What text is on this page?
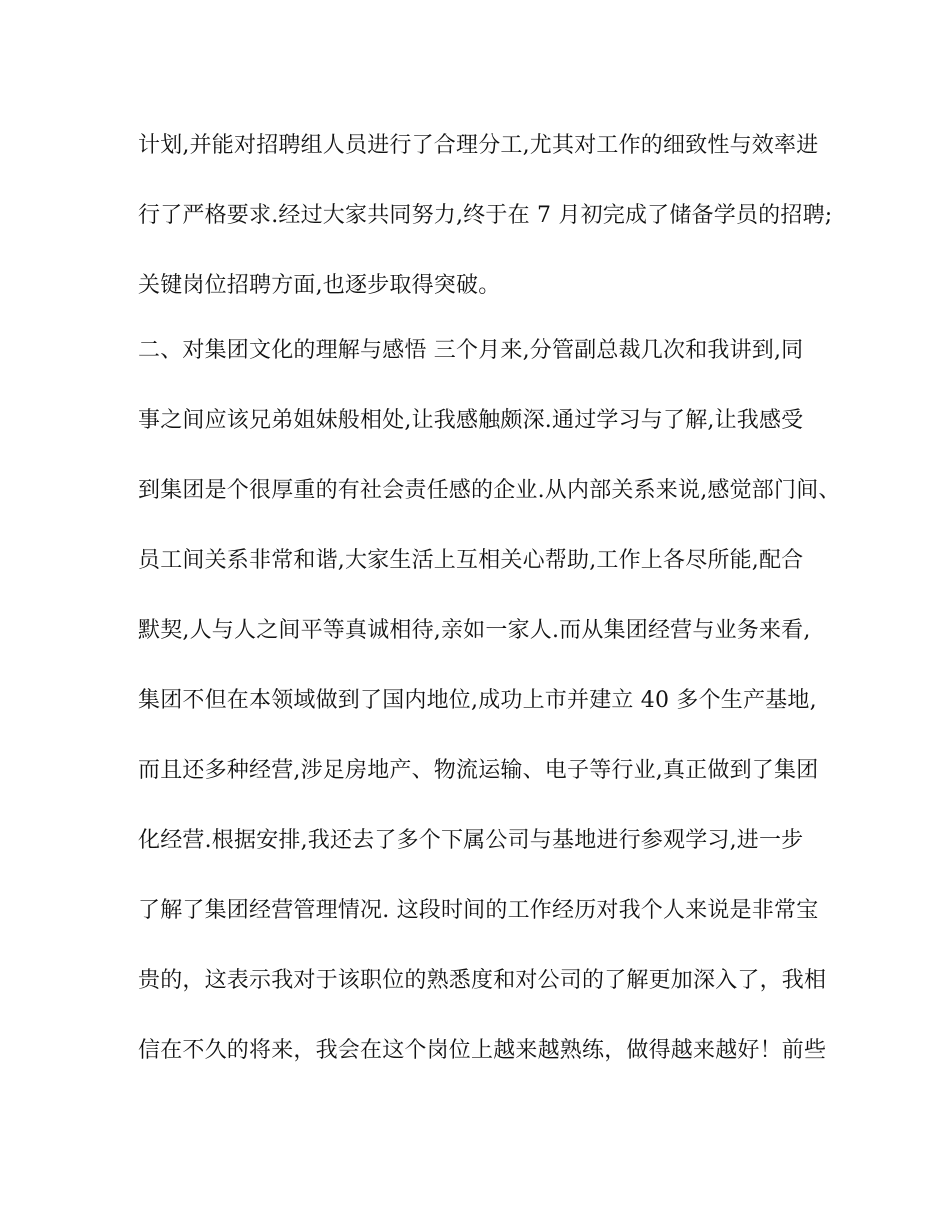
计划,并能对招聘组人员进行了合理分工,尤其对工作的细致性与效率进
行了严格要求.经过大家共同努力,终于在 7 月初完成了储备学员的招聘;
关键岗位招聘方面,也逐步取得突破。
二、对集团文化的理解与感悟 三个月来,分管副总裁几次和我讲到,同
事之间应该兄弟姐妹般相处,让我感触颇深.通过学习与了解,让我感受
到集团是个很厚重的有社会责任感的企业.从内部关系来说,感觉部门间、
员工间关系非常和谐,大家生活上互相关心帮助,工作上各尽所能,配合
默契,人与人之间平等真诚相待,亲如一家人.而从集团经营与业务来看,
集团不但在本领域做到了国内地位,成功上市并建立 40 多个生产基地,
而且还多种经营,涉足房地产、物流运输、电子等行业,真正做到了集团
化经营.根据安排,我还去了多个下属公司与基地进行参观学习,进一步
了解了集团经营管理情况. 这段时间的工作经历对我个人来说是非常宝
贵的，这表示我对于该职位的熟悉度和对公司的了解更加深入了，我相
信在不久的将来，我会在这个岗位上越来越熟练，做得越来越好！前些
